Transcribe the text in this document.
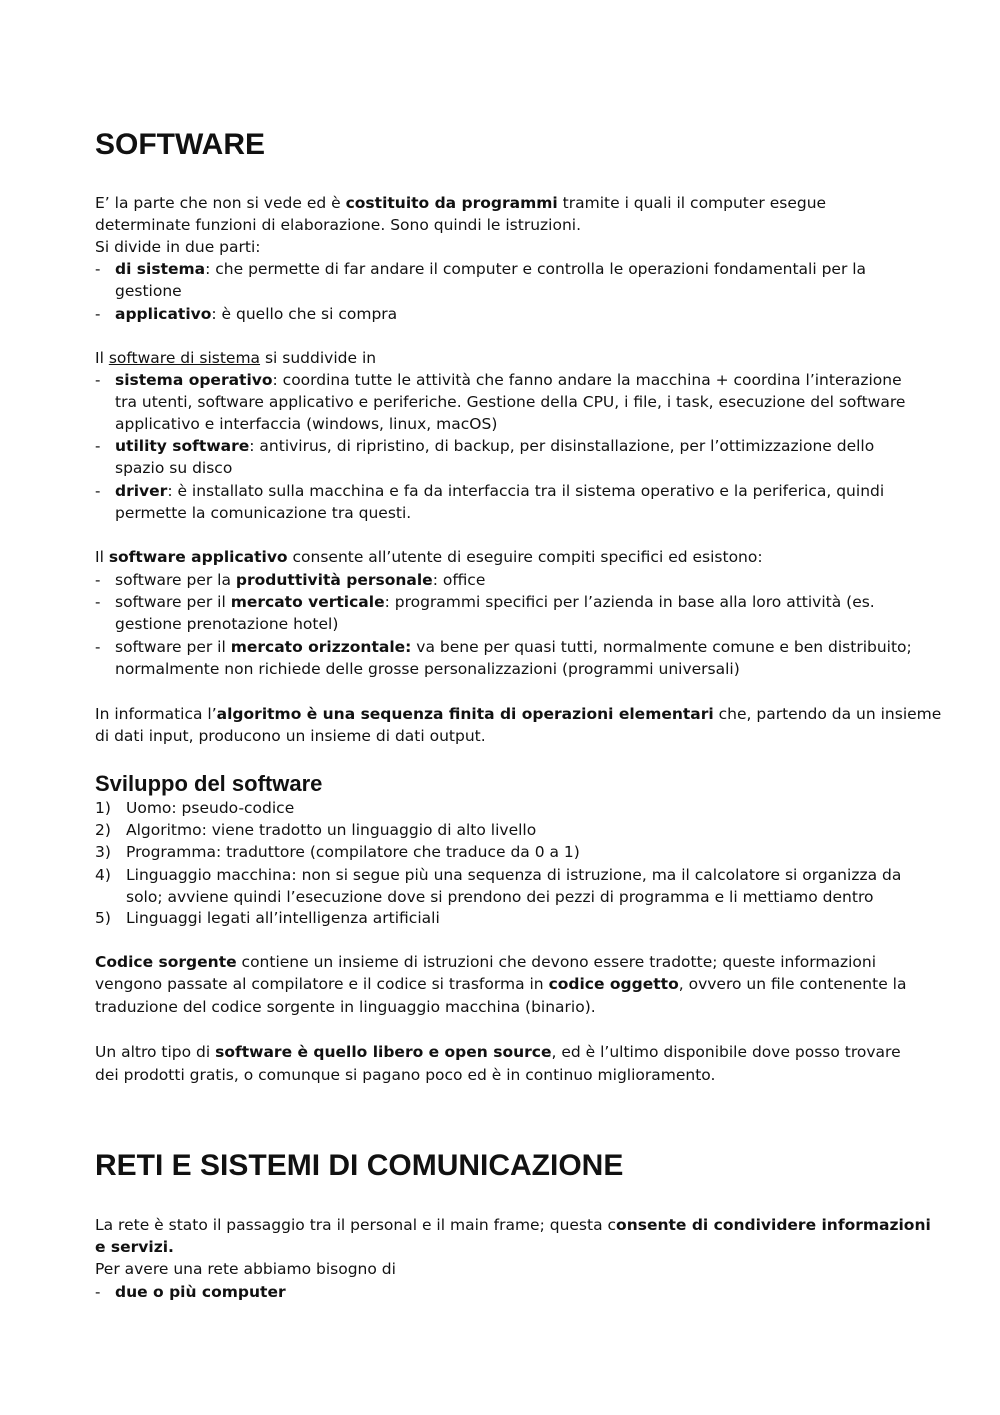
SOFTWARE
E’ la parte che non si vede ed è costituito da programmi tramite i quali il computer esegue
determinate funzioni di elaborazione. Sono quindi le istruzioni.
Si divide in due parti:
- di sistema: che permette di far andare il computer e controlla le operazioni fondamentali per la
gestione
- applicativo: è quello che si compra
Il software di sistema si suddivide in
- sistema operativo: coordina tutte le attività che fanno andare la macchina + coordina l’interazione
tra utenti, software applicativo e periferiche. Gestione della CPU, i file, i task, esecuzione del software
applicativo e interfaccia (windows, linux, macOS)
- utility software: antivirus, di ripristino, di backup, per disinstallazione, per l’ottimizzazione dello
spazio su disco
- driver: è installato sulla macchina e fa da interfaccia tra il sistema operativo e la periferica, quindi
permette la comunicazione tra questi.
Il software applicativo consente all’utente di eseguire compiti specifici ed esistono:
- software per la produttività personale: office
- software per il mercato verticale: programmi specifici per l’azienda in base alla loro attività (es.
gestione prenotazione hotel)
- software per il mercato orizzontale: va bene per quasi tutti, normalmente comune e ben distribuito;
normalmente non richiede delle grosse personalizzazioni (programmi universali)
In informatica l’algoritmo è una sequenza finita di operazioni elementari che, partendo da un insieme
di dati input, producono un insieme di dati output.
Sviluppo del software
1) Uomo: pseudo-codice
2) Algoritmo: viene tradotto un linguaggio di alto livello
3) Programma: traduttore (compilatore che traduce da 0 a 1)
4) Linguaggio macchina: non si segue più una sequenza di istruzione, ma il calcolatore si organizza da
solo; avviene quindi l’esecuzione dove si prendono dei pezzi di programma e li mettiamo dentro
5) Linguaggi legati all’intelligenza artificiali
Codice sorgente contiene un insieme di istruzioni che devono essere tradotte; queste informazioni
vengono passate al compilatore e il codice si trasforma in codice oggetto, ovvero un file contenente la
traduzione del codice sorgente in linguaggio macchina (binario).
Un altro tipo di software è quello libero e open source, ed è l’ultimo disponibile dove posso trovare
dei prodotti gratis, o comunque si pagano poco ed è in continuo miglioramento.
RETI E SISTEMI DI COMUNICAZIONE
La rete è stato il passaggio tra il personal e il main frame; questa consente di condividere informazioni
e servizi.
Per avere una rete abbiamo bisogno di
- due o più computer
